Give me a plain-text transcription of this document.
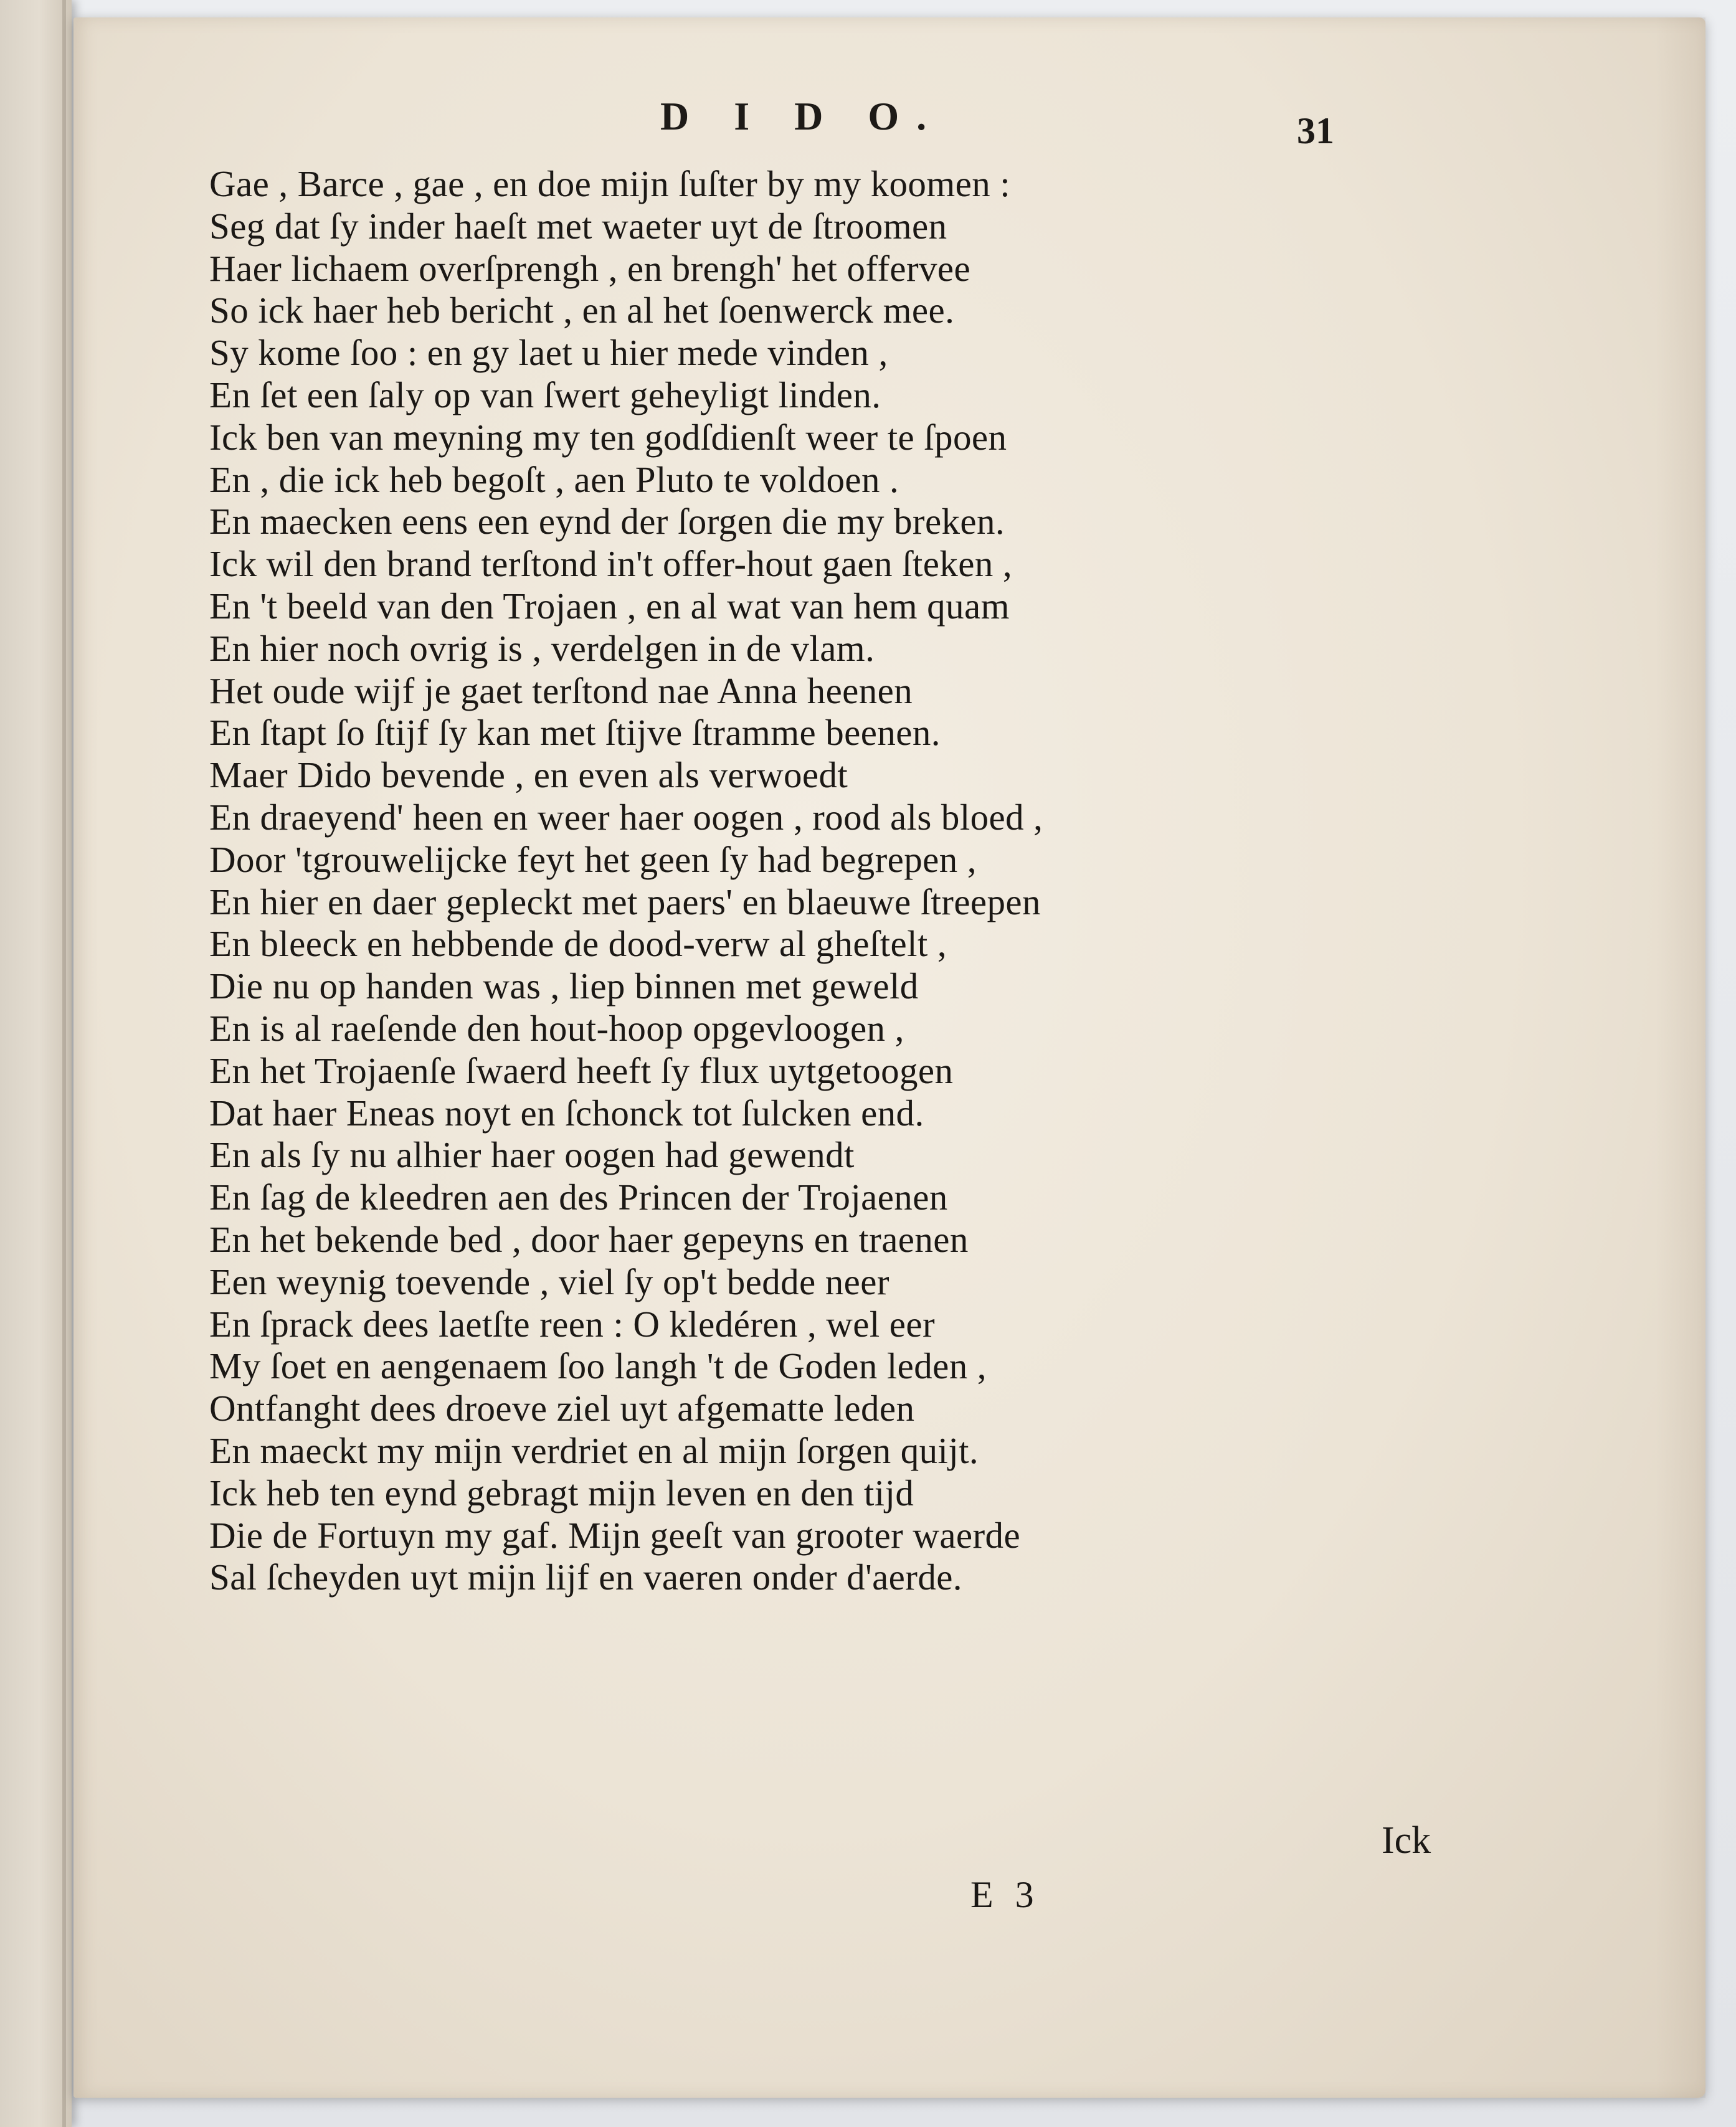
D I D O.	31
Gae , Barce , gae , en doe mijn ſuſter by my koomen :
Seg dat ſy inder haeſt met waeter uyt de ſtroomen
Haer lichaem overſprengh , en brengh' het offervee
So ick haer heb bericht , en al het ſoenwerck mee.
Sy kome ſoo : en gy laet u hier mede vinden ,
En ſet een ſaly op van ſwert geheyligt linden.
Ick ben van meyning my ten godſdienſt weer te ſpoen
En , die ick heb begoſt , aen Pluto te voldoen .
En maecken eens een eynd der ſorgen die my breken.
Ick wil den brand terſtond in't offer-hout gaen ſteken ,
En 't beeld van den Trojaen , en al wat van hem quam
En hier noch ovrig is , verdelgen in de vlam.
Het oude wijf je gaet terſtond nae Anna heenen
En ſtapt ſo ſtijf ſy kan met ſtijve ſtramme beenen.
Maer Dido bevende , en even als verwoedt
En draeyend' heen en weer haer oogen , rood als bloed ,
Door 'tgrouwelijcke feyt het geen ſy had begrepen ,
En hier en daer gepleckt met paers' en blaeuwe ſtreepen
En bleeck en hebbende de dood-verw al gheſtelt ,
Die nu op handen was , liep binnen met geweld
En is al raeſende den hout-hoop opgevloogen ,
En het Trojaenſe ſwaerd heeft ſy flux uytgetoogen
Dat haer Eneas noyt en ſchonck tot ſulcken end.
En als ſy nu alhier haer oogen had gewendt
En ſag de kleedren aen des Princen der Trojaenen
En het bekende bed , door haer gepeyns en traenen
Een weynig toevende , viel ſy op't bedde neer
En ſprack dees laetſte reen : O kledéren , wel eer
My ſoet en aengenaem ſoo langh 't de Goden leden ,
Ontfanght dees droeve ziel uyt afgematte leden
En maeckt my mijn verdriet en al mijn ſorgen quijt.
Ick heb ten eynd gebragt mijn leven en den tijd
Die de Fortuyn my gaf. Mijn geeſt van grooter waerde
Sal ſcheyden uyt mijn lijf en vaeren onder d'aerde.
Ick
E 3
